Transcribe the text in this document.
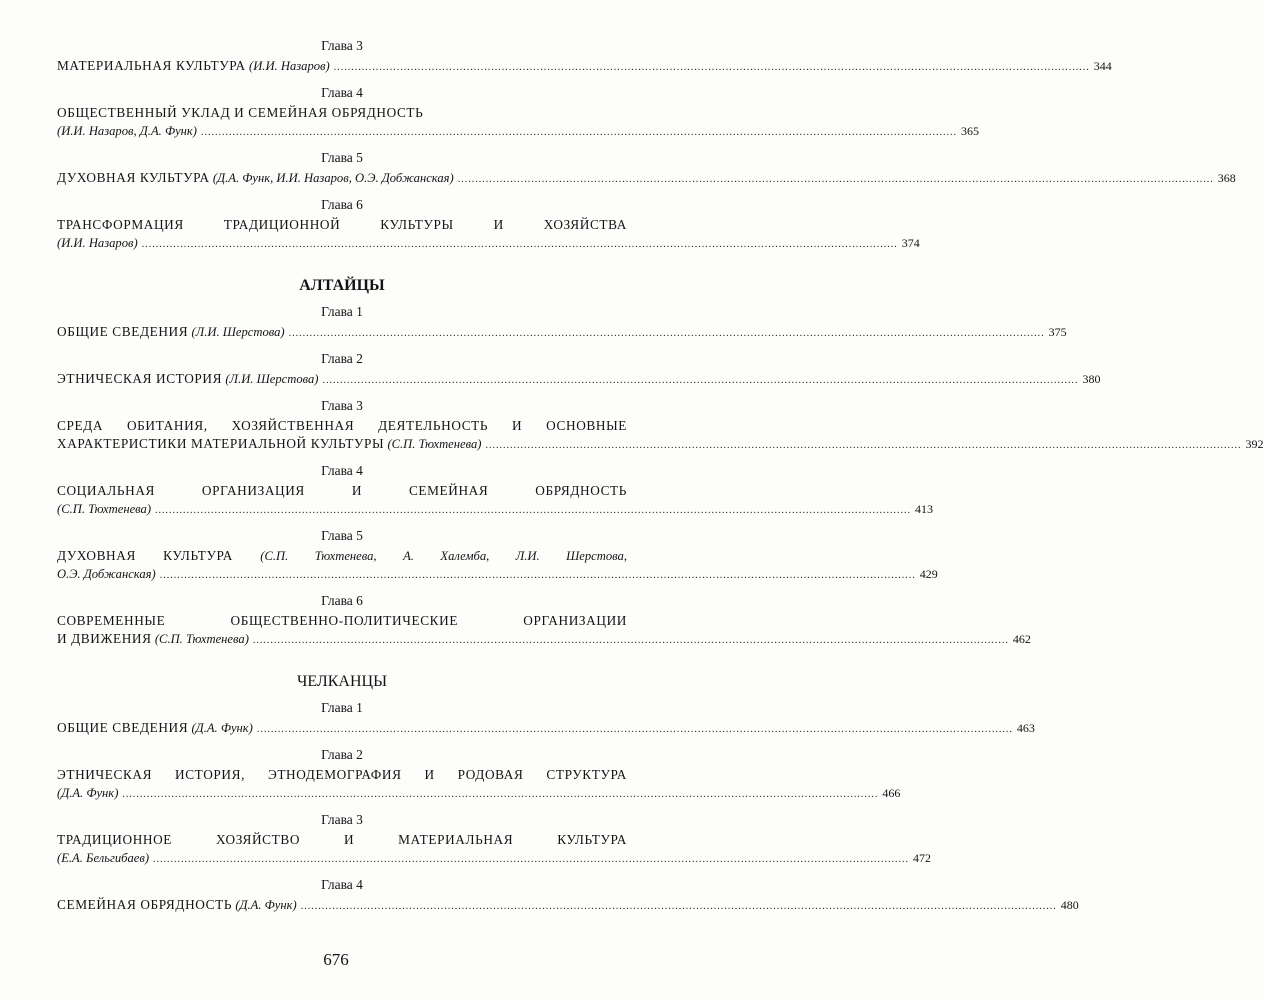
Глава 3
МАТЕРИАЛЬНАЯ КУЛЬТУРА (И.И. Назаров) ........................................................................................................................................................................................................................ 344
Глава 4
ОБЩЕСТВЕННЫЙ УКЛАД И СЕМЕЙНАЯ ОБРЯДНОСТЬ
(И.И. Назаров, Д.А. Функ) ........................................................................................................................................................................................................................ 365
Глава 5
ДУХОВНАЯ КУЛЬТУРА (Д.А. Функ, И.И. Назаров, О.Э. Добжанская) ........................................................................................................................................................................................................................ 368
Глава 6
ТРАНСФОРМАЦИЯ ТРАДИЦИОННОЙ КУЛЬТУРЫ И ХОЗЯЙСТВА
(И.И. Назаров) ........................................................................................................................................................................................................................ 374
АЛТАЙЦЫ
Глава 1
ОБЩИЕ СВЕДЕНИЯ (Л.И. Шерстова) ........................................................................................................................................................................................................................ 375
Глава 2
ЭТНИЧЕСКАЯ ИСТОРИЯ (Л.И. Шерстова) ........................................................................................................................................................................................................................ 380
Глава 3
СРЕДА ОБИТАНИЯ, ХОЗЯЙСТВЕННАЯ ДЕЯТЕЛЬНОСТЬ И ОСНОВНЫЕ
ХАРАКТЕРИСТИКИ МАТЕРИАЛЬНОЙ КУЛЬТУРЫ (С.П. Тюхтенева) ........................................................................................................................................................................................................................ 392
Глава 4
СОЦИАЛЬНАЯ ОРГАНИЗАЦИЯ И СЕМЕЙНАЯ ОБРЯДНОСТЬ
(С.П. Тюхтенева) ........................................................................................................................................................................................................................ 413
Глава 5
ДУХОВНАЯ КУЛЬТУРА (С.П. Тюхтенева, А. Халемба, Л.И. Шерстова,
О.Э. Добжанская) ........................................................................................................................................................................................................................ 429
Глава 6
СОВРЕМЕННЫЕ ОБЩЕСТВЕННО-ПОЛИТИЧЕСКИЕ ОРГАНИЗАЦИИ
И ДВИЖЕНИЯ (С.П. Тюхтенева) ........................................................................................................................................................................................................................ 462
ЧЕЛКАНЦЫ
Глава 1
ОБЩИЕ СВЕДЕНИЯ (Д.А. Функ) ........................................................................................................................................................................................................................ 463
Глава 2
ЭТНИЧЕСКАЯ ИСТОРИЯ, ЭТНОДЕМОГРАФИЯ И РОДОВАЯ СТРУКТУРА
(Д.А. Функ) ........................................................................................................................................................................................................................ 466
Глава 3
ТРАДИЦИОННОЕ ХОЗЯЙСТВО И МАТЕРИАЛЬНАЯ КУЛЬТУРА
(Е.А. Бельгибаев) ........................................................................................................................................................................................................................ 472
Глава 4
СЕМЕЙНАЯ ОБРЯДНОСТЬ (Д.А. Функ) ........................................................................................................................................................................................................................ 480
676
